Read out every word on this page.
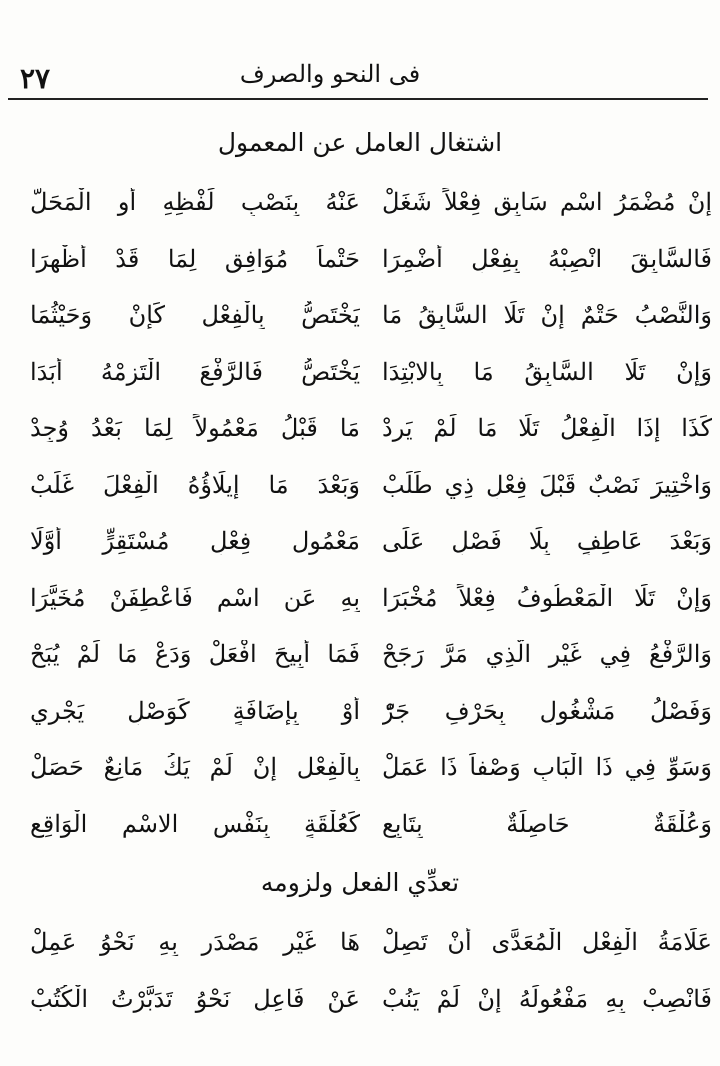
٢٧	فى النحو والصرف
اشتغال العامل عن المعمول
إنْ مُضْمَرُ اسْمٍ سَابِقٍ فِعْلاً شَغَلْ
عَنْهُ بِنَصْبِ لَفْظِهِ أَوِ الْمَحَلّ
فَالسَّابِقَ انْصِبْهُ بِفِعْلٍ أُضْمِرَا
حَتْماً مُوَافِقٍ لِمَا قَدْ أُظْهِرَا
وَالنَّصْبُ حَتْمٌ إِنْ تَلَا السَّابِقُ مَا
يَخْتَصُّ بِالْفِعْلِ كَإِنْ وَحَيْثُمَا
وَإِنْ تَلَا السَّابِقُ مَا بِالابْتِدَا
يَخْتَصُّ فَالرَّفْعَ الْتَزِمْهُ أَبَدَا
كَذَا إِذَا الْفِعْلُ تَلَا مَا لَمْ يَرِدْ
مَا قَبْلُ مَعْمُولاً لِمَا بَعْدُ وُجِدْ
وَاخْتِيرَ نَصْبٌ قَبْلَ فِعْلٍ ذِي طَلَبْ
وَبَعْدَ مَا إِيلَاؤُهُ الْفِعْلَ غَلَبْ
وَبَعْدَ عَاطِفٍ بِلَا فَصْلٍ عَلَى
مَعْمُولِ فِعْلٍ مُسْتَقِرٍّ أَوَّلَا
وَإِنْ تَلَا الْمَعْطُوفُ فِعْلاً مُخْبَرَا
بِهِ عَنِ اسْمٍ فَاعْطِفَنْ مُخَيَّرَا
وَالرَّفْعُ فِي غَيْرِ الَّذِي مَرَّ رَجَحْ
فَمَا أُبِيحَ افْعَلْ وَدَعْ مَا لَمْ يُبَحْ
وَفَصْلُ مَشْغُولٍ بِحَرْفِ جَرّْ
أَوْ بِإِضَافَةٍ كَوَصْلٍ يَجْرِي
وَسَوِّ فِي ذَا الْبَابِ وَصْفاً ذَا عَمَلْ
بِالْفِعْلِ إِنْ لَمْ يَكُ مَانِعٌ حَصَلْ
وَعُلْقَةٌ حَاصِلَةٌ بِتَابِعِ
كَعُلْقَةٍ بِنَفْسِ الاسْمِ الْوَاقِعِ
تعدِّي الفعل ولزومه
عَلَامَةُ الْفِعْلِ الْمُعَدَّى أَنْ تَصِلْ
هَا غَيْرِ مَصْدَرٍ بِهِ نَحْوُ عَمِلْ
فَانْصِبْ بِهِ مَفْعُولَهُ إِنْ لَمْ يَنُبْ
عَنْ فَاعِلٍ نَحْوُ تَدَبَّرْتُ الْكُتُبْ
